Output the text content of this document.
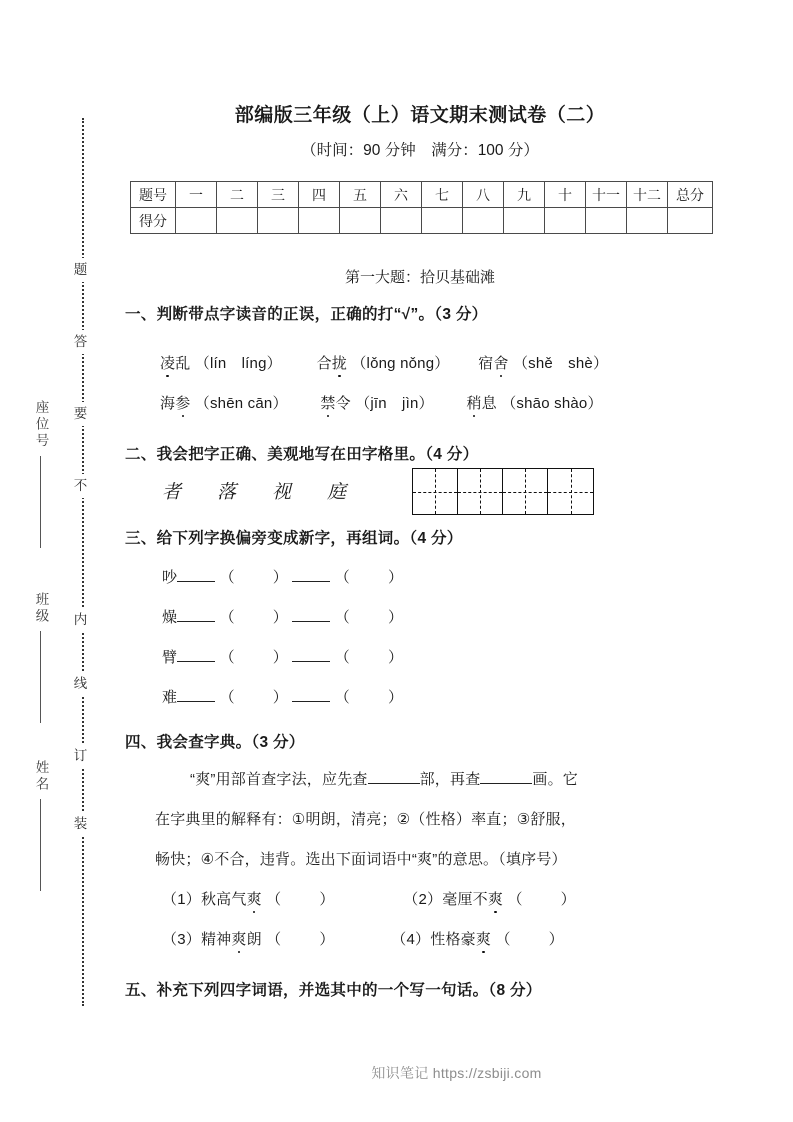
题
答
要
不
内
线
订
装
座位号
班级
姓名
部编版三年级（上）语文期末测试卷（二）
（时间：90 分钟　满分：100 分）
题号	一	二	三	四	五	六	七	八	九	十	十一	十二	总分
得分													
第一大题：拾贝基础滩
一、判断带点字读音的正误，正确的打“√”。（3 分）
凌乱 （lín　líng） 合拢 （lǒng nǒng） 宿舍 （shě　shè）
海参 （shēn cān） 禁令 （jīn　jìn） 稍息 （shāo shào）
二、我会把字正确、美观地写在田字格里。（4 分）
者落视庭
三、给下列字换偏旁变成新字，再组词。（4 分）
吵	（	）	（	）
燥	（	）	（	）
臂	（	）	（	）
难	（	）	（	）
四、我会查字典。（3 分）
“爽”用部首查字法，应先查	部，再查	画。它
在字典里的解释有：①明朗，清亮；②（性格）率直；③舒服，
畅快；④不合，违背。选出下面词语中“爽”的意思。（填序号）
（1）秋高气爽 （	）	（2）毫厘不爽 （	）
（3）精神爽朗 （	）	（4）性格豪爽 （	）
五、补充下列四字词语，并选其中的一个写一句话。（8 分）
知识笔记 https://zsbiji.com
